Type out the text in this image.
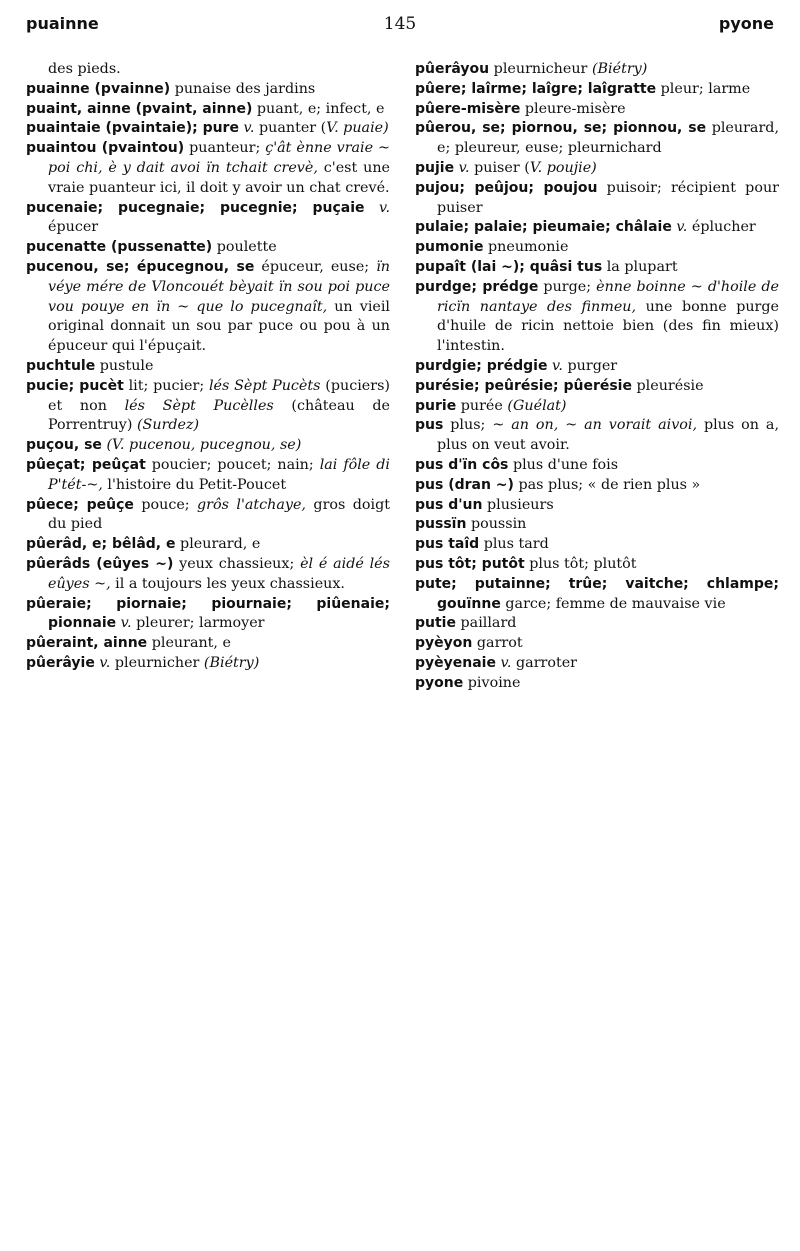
puainne	145	pyone
des pieds.
puainne (pvainne) punaise des jardins
puaint, ainne (pvaint, ainne) puant, e; infect, e
puaintaie (pvaintaie); pure v. puanter (V. puaie)
puaintou (pvaintou) puanteur; ç'ât ènne vraie ~ poi chi, è y dait avoi ïn tchait crevè, c'est une vraie puanteur ici, il doit y avoir un chat crevé.
pucenaie; pucegnaie; pucegnie; puçaie v. épucer
pucenatte (pussenatte) poulette
pucenou, se; épucegnou, se épuceur, euse; ïn véye mére de Vloncouét bèyait ïn sou poi puce vou pouye en ïn ~ que lo pucegnaît, un vieil original donnait un sou par puce ou pou à un épuceur qui l'épuçait.
puchtule pustule
pucie; pucèt lit; pucier; lés Sèpt Pucèts (puciers) et non lés Sèpt Pucèlles (château de Porrentruy) (Surdez)
puçou, se (V. pucenou, pucegnou, se)
pûeçat; peûçat poucier; poucet; nain; lai fôle di P'tét-~, l'histoire du Petit-Poucet
pûece; peûçe pouce; grôs l'atchaye, gros doigt du pied
pûerâd, e; bêlâd, e pleurard, e
pûerâds (eûyes ~) yeux chassieux; èl é aidé lés eûyes ~, il a toujours les yeux chassieux.
pûeraie; piornaie; piournaie; piûenaie; pionnaie v. pleurer; larmoyer
pûeraint, ainne pleurant, e
pûerâyie v. pleurnicher (Biétry)
pûerâyou pleurnicheur (Biétry)
pûere; laîrme; laîgre; laîgratte pleur; larme
pûere-misère pleure-misère
pûerou, se; piornou, se; pionnou, se pleurard, e; pleureur, euse; pleurnichard
pujie v. puiser (V. poujie)
pujou; peûjou; poujou puisoir; récipient pour puiser
pulaie; palaie; pieumaie; châlaie v. éplucher
pumonie pneumonie
pupaît (lai ~); quâsi tus la plupart
purdge; prédge purge; ènne boinne ~ d'hoile de ricïn nantaye des finmeu, une bonne purge d'huile de ricin nettoie bien (des fin mieux) l'intestin.
purdgie; prédgie v. purger
purésie; peûrésie; pûerésie pleurésie
purie purée (Guélat)
pus plus; ~ an on, ~ an vorait aivoi, plus on a, plus on veut avoir.
pus d'ïn côs plus d'une fois
pus (dran ~) pas plus; « de rien plus »
pus d'un plusieurs
pussïn poussin
pus taîd plus tard
pus tôt; putôt plus tôt; plutôt
pute; putainne; trûe; vaitche; chlampe; gouïnne garce; femme de mauvaise vie
putie paillard
pyèyon garrot
pyèyenaie v. garroter
pyone pivoine
